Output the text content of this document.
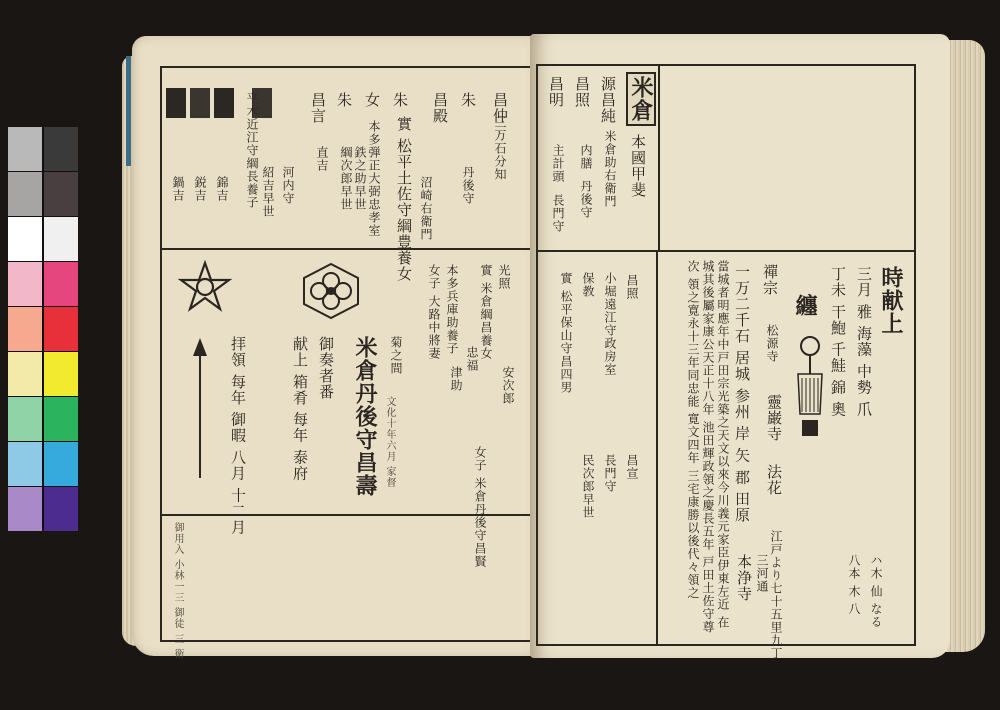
鍋吉 鋭吉 錦吉 平木近江守綱長養子 紹吉早世 河内守
昌言
直吉
朱 女
本多弾正大弼忠孝室
綱次郎早世 鉄之助早世
朱
實 松平土佐守綱豊養女 沼崎右衛門
昌殿 朱
丹後守
昌仲
三万石分知
米倉丹後守昌壽 菊之間
文化十年六月 家督
御奏者番
献上 箱肴 每年 泰府
拝領 每年 御暇 八月 十二月
光照
實 米倉綱昌養女
女子 大路中將妻 本多兵庫助養子
忠福
津助
女子 米倉丹後守昌賢
安次郎
御用入 小林一三 御徒 三 衛
米倉
本國甲斐
源昌純
米倉助右衛門
昌照
内膳
丹後守
昌明
主計頭
長門守
時献上
三月 雅 海藻 中勢 爪
丁未 干鮑 千鮭 錦 奧
纏
禪宗
松源寺
靈巌寺
法花
一万二千石
居城 参州 岸 矢 郡 田原
當城者明應年中戸田宗光築之天文以來今川義元家臣伊東左近 在城其後屬家康公天正十八年 池田輝政領之慶長五年 戸田土佐守尊次 領之寛永十三年同忠能 寛文四年 三宅康勝以後代々領之	江戸より七十五里九丁
三河通
本浄寺	ハ木 仙 なる
八本 木 八
昌照
小堀遠江守政房室
保教
實 松平保山守昌四男
昌宣
長門守
民次郎早世
